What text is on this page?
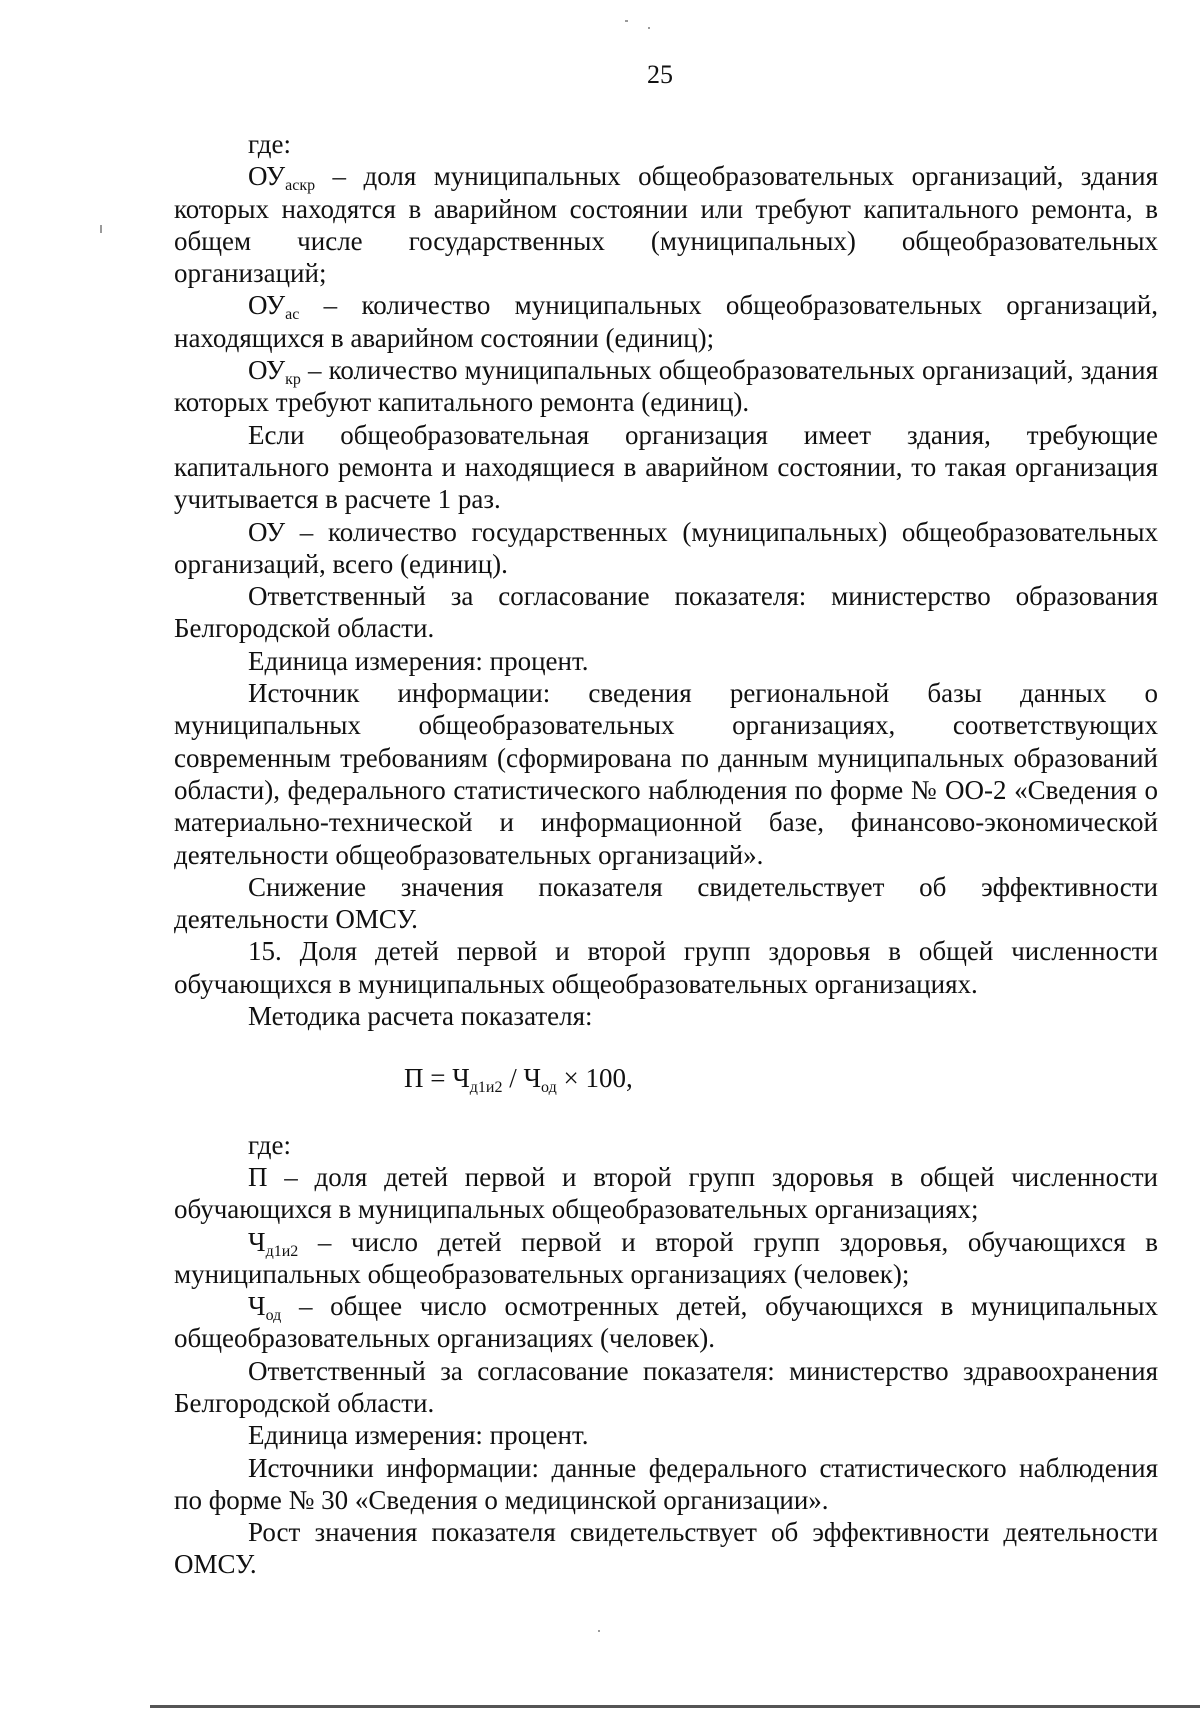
25

где:

$ОУ_{аскр}$ – доля муниципальных общеобразовательных организаций, здания которых находятся в аварийном состоянии или требуют капитального ремонта, в общем числе государственных (муниципальных) общеобразовательных организаций;

$ОУ_{ас}$ – количество муниципальных общеобразовательных организаций, находящихся в аварийном состоянии (единиц);

$ОУ_{кр}$ – количество муниципальных общеобразовательных организаций, здания которых требуют капитального ремонта (единиц).

Если общеобразовательная организация имеет здания, требующие капитального ремонта и находящиеся в аварийном состоянии, то такая организация учитывается в расчете 1 раз.

ОУ – количество государственных (муниципальных) общеобразовательных организаций, всего (единиц).

Ответственный за согласование показателя: министерство образования Белгородской области.

Единица измерения: процент.

Источник информации: сведения региональной базы данных о муниципальных общеобразовательных организациях, соответствующих современным требованиям (сформирована по данным муниципальных образований области), федерального статистического наблюдения по форме № ОО-2 «Сведения о материально-технической и информационной базе, финансово-экономической деятельности общеобразовательных организаций».

Снижение значения показателя свидетельствует об эффективности деятельности ОМСУ.

15. Доля детей первой и второй групп здоровья в общей численности обучающихся в муниципальных общеобразовательных организациях.

Методика расчета показателя:

$П = Ч_{д1и2} / Ч_{од} \times 100$,

где:

П – доля детей первой и второй групп здоровья в общей численности обучающихся в муниципальных общеобразовательных организациях;

$Ч_{д1и2}$ – число детей первой и второй групп здоровья, обучающихся в муниципальных общеобразовательных организациях (человек);

$Ч_{од}$ – общее число осмотренных детей, обучающихся в муниципальных общеобразовательных организациях (человек).

Ответственный за согласование показателя: министерство здравоохранения Белгородской области.

Единица измерения: процент.

Источники информации: данные федерального статистического наблюдения по форме № 30 «Сведения о медицинской организации».

Рост значения показателя свидетельствует об эффективности деятельности ОМСУ.
